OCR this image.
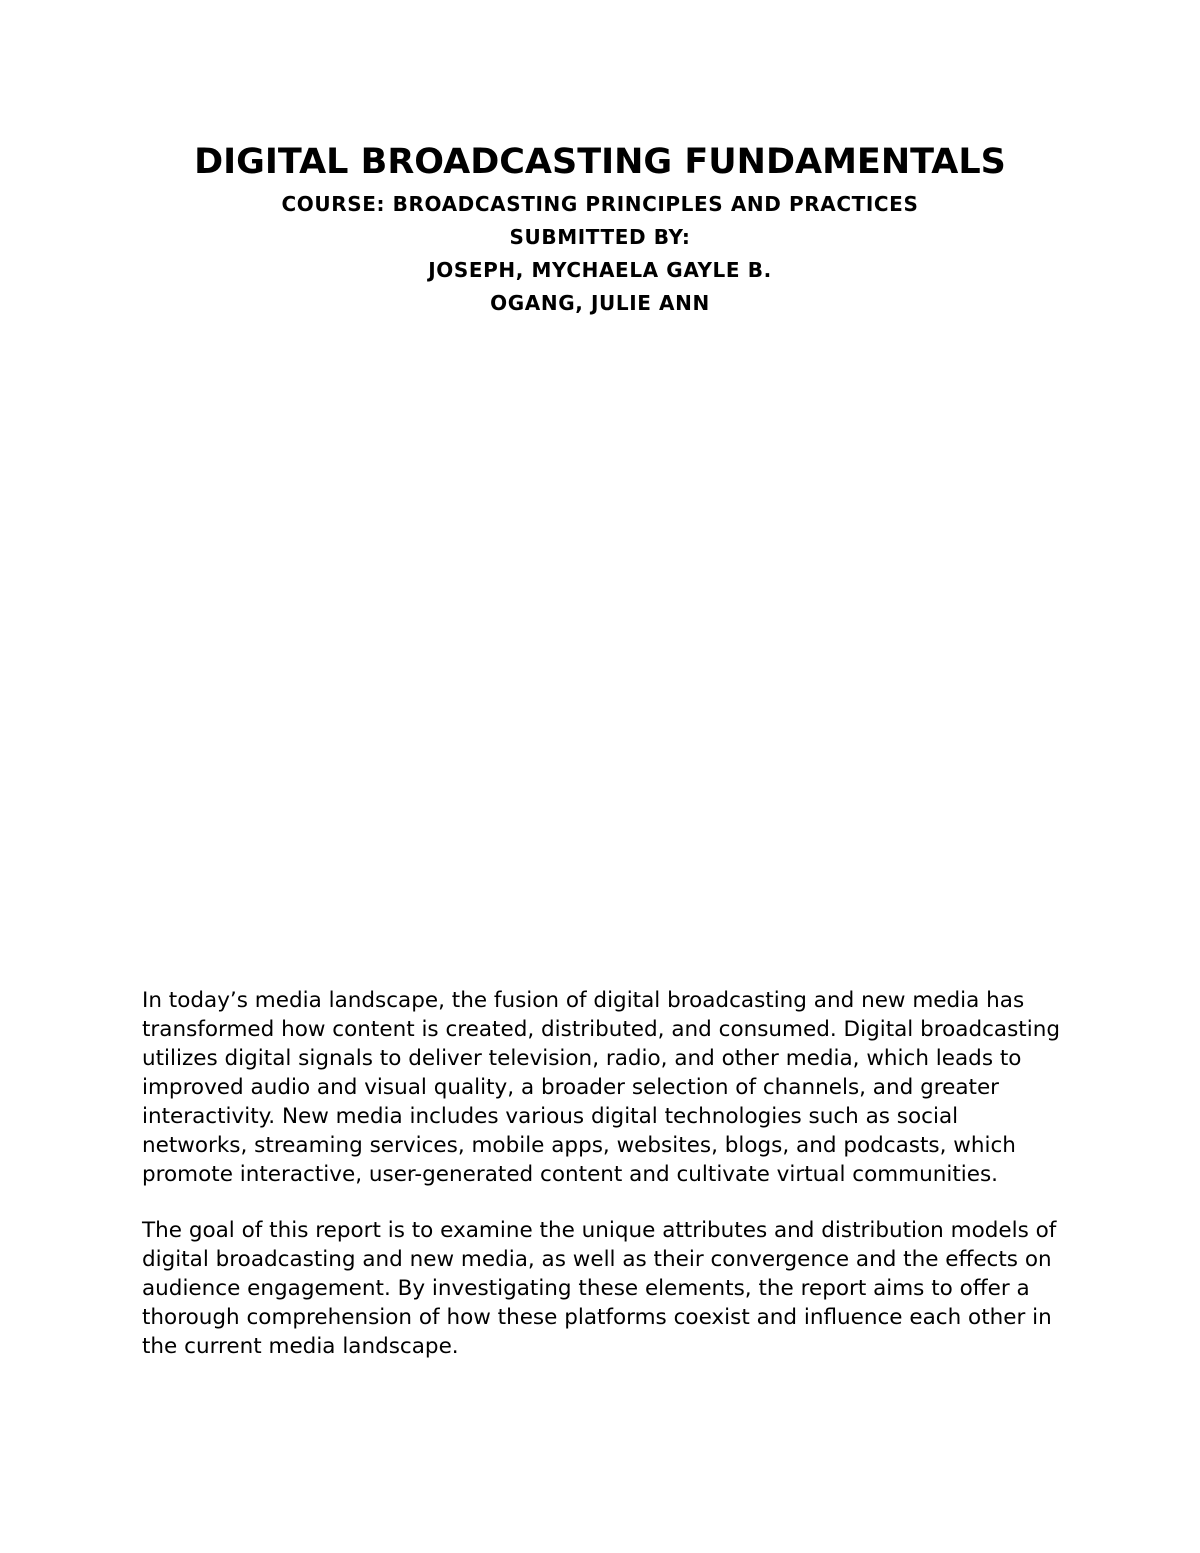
DIGITAL BROADCASTING FUNDAMENTALS
COURSE: BROADCASTING PRINCIPLES AND PRACTICES
SUBMITTED BY:
JOSEPH, MYCHAELA GAYLE B.
OGANG, JULIE ANN

In today’s media landscape, the fusion of digital broadcasting and new media has transformed how content is created, distributed, and consumed. Digital broadcasting utilizes digital signals to deliver television, radio, and other media, which leads to improved audio and visual quality, a broader selection of channels, and greater interactivity. New media includes various digital technologies such as social networks, streaming services, mobile apps, websites, blogs, and podcasts, which promote interactive, user-generated content and cultivate virtual communities.

The goal of this report is to examine the unique attributes and distribution models of digital broadcasting and new media, as well as their convergence and the effects on audience engagement. By investigating these elements, the report aims to offer a thorough comprehension of how these platforms coexist and influence each other in the current media landscape.
